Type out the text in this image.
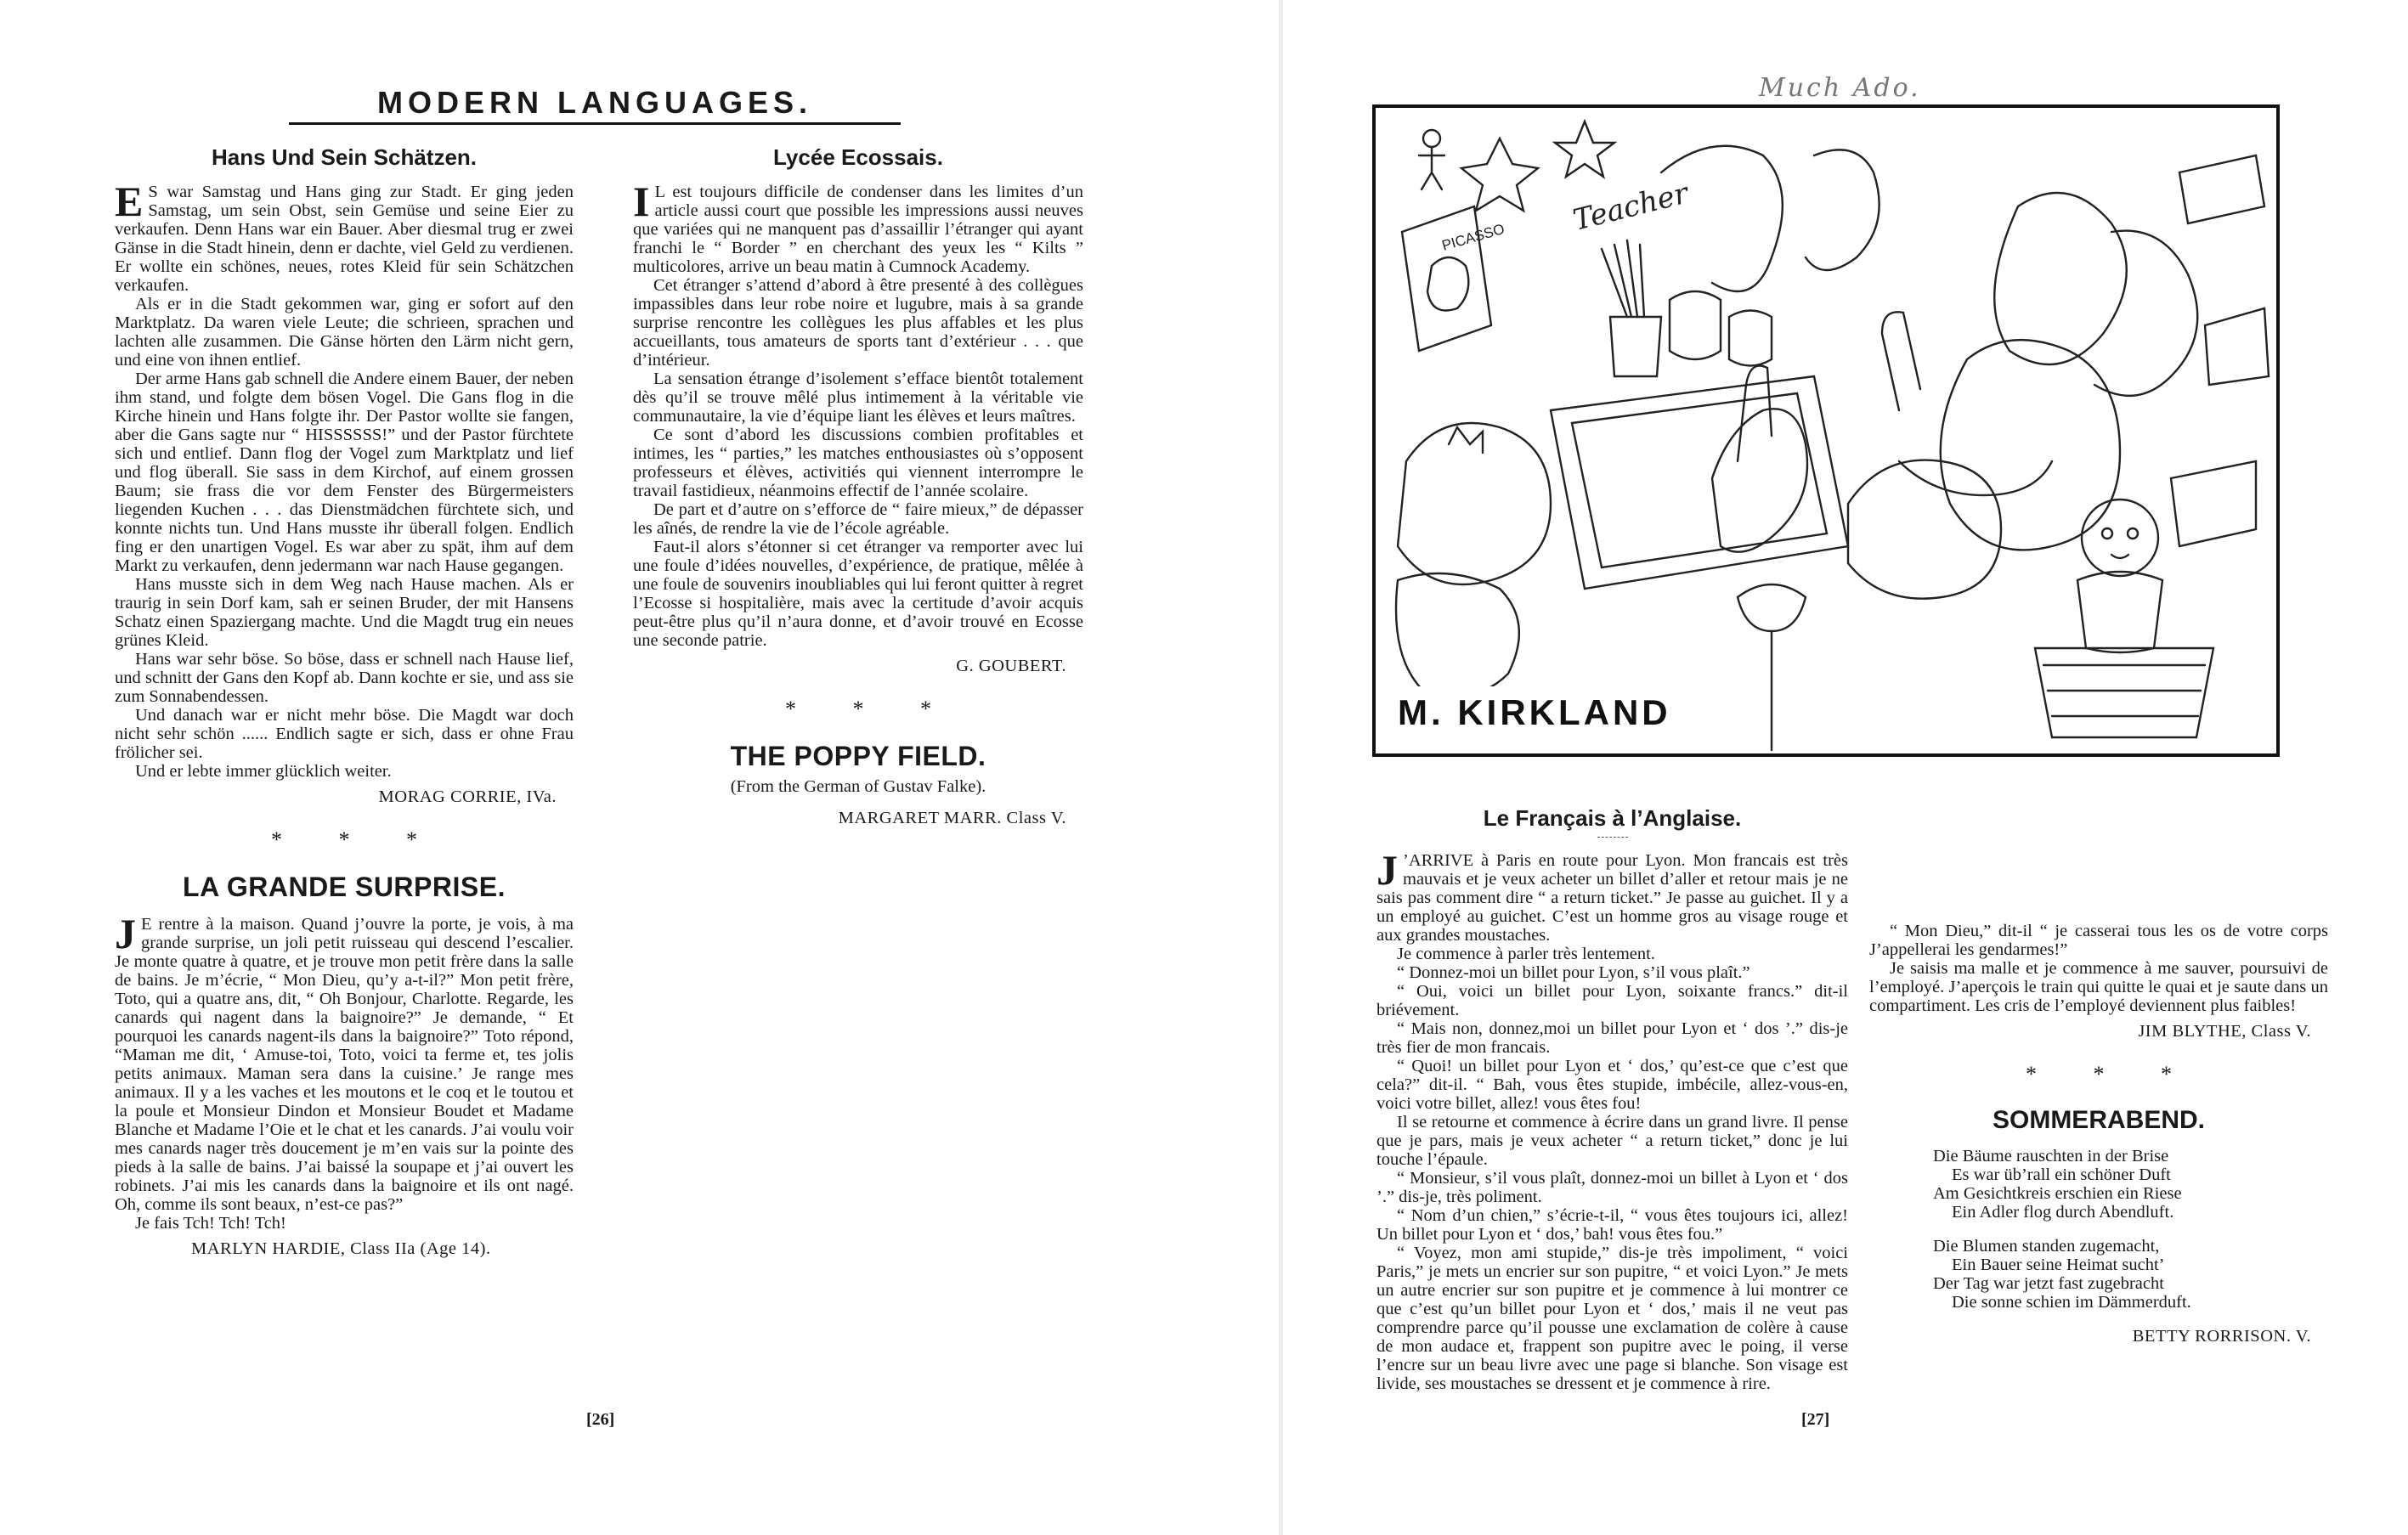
MODERN LANGUAGES.
Hans Und Sein Schätzen.

E S war Samstag und Hans ging zur Stadt. Er ging jeden Samstag, um sein Obst, sein Gemüse und seine Eier zu verkaufen. Denn Hans war ein Bauer. Aber diesmal trug er zwei Gänse in die Stadt hinein, denn er dachte, viel Geld zu verdienen. Er wollte ein schönes, neues, rotes Kleid für sein Schätzchen verkaufen.

Als er in die Stadt gekommen war, ging er sofort auf den Marktplatz. Da waren viele Leute; die schrieen, sprachen und lachten alle zusammen. Die Gänse hörten den Lärm nicht gern, und eine von ihnen entlief.

Der arme Hans gab schnell die Andere einem Bauer, der neben ihm stand, und folgte dem bösen Vogel. Die Gans flog in die Kirche hinein und Hans folgte ihr. Der Pastor wollte sie fangen, aber die Gans sagte nur “ HISSSSSS!” und der Pastor fürchtete sich und entlief. Dann flog der Vogel zum Marktplatz und lief und flog überall. Sie sass in dem Kirchof, auf einem grossen Baum; sie frass die vor dem Fenster des Bürgermeisters liegenden Kuchen . . . das Dienstmädchen fürchtete sich, und konnte nichts tun. Und Hans musste ihr überall folgen. Endlich fing er den unartigen Vogel. Es war aber zu spät, ihm auf dem Markt zu verkaufen, denn jedermann war nach Hause gegangen.

Hans musste sich in dem Weg nach Hause machen. Als er traurig in sein Dorf kam, sah er seinen Bruder, der mit Hansens Schatz einen Spaziergang machte. Und die Magdt trug ein neues grünes Kleid.

Hans war sehr böse. So böse, dass er schnell nach Hause lief, und schnitt der Gans den Kopf ab. Dann kochte er sie, und ass sie zum Sonnabendessen.

Und danach war er nicht mehr böse. Die Magdt war doch nicht sehr schön ...... Endlich sagte er sich, dass er ohne Frau frölicher sei.

Und er lebte immer glücklich weiter.

MORAG CORRIE, IVa.
* * *
LA GRANDE SURPRISE.

J E rentre à la maison. Quand j’ouvre la porte, je vois, à ma grande surprise, un joli petit ruisseau qui descend l’escalier. Je monte quatre à quatre, et je trouve mon petit frère dans la salle de bains. Je m’écrie, “ Mon Dieu, qu’y a-t-il?” Mon petit frère, Toto, qui a quatre ans, dit, “ Oh Bonjour, Charlotte. Regarde, les canards qui nagent dans la baignoire?” Je demande, “ Et pourquoi les canards nagent-ils dans la baignoire?” Toto répond, “Maman me dit, ‘ Amuse-toi, Toto, voici ta ferme et, tes jolis petits animaux. Maman sera dans la cuisine.’ Je range mes animaux. Il y a les vaches et les moutons et le coq et le toutou et la poule et Monsieur Dindon et Monsieur Boudet et Madame Blanche et Madame l’Oie et le chat et les canards. J’ai voulu voir mes canards nager très doucement je m’en vais sur la pointe des pieds à la salle de bains. J’ai baissé la soupape et j’ai ouvert les robinets. J’ai mis les canards dans la baignoire et ils ont nagé. Oh, comme ils sont beaux, n’est-ce pas?”

Je fais Tch! Tch! Tch!

MARLYN HARDIE, Class IIa (Age 14).
Lycée Ecossais.

I L est toujours difficile de condenser dans les limites d’un article aussi court que possible les impressions aussi neuves que variées qui ne manquent pas d’assaillir l’étranger qui ayant franchi le “ Border ” en cherchant des yeux les “ Kilts ” multicolores, arrive un beau matin à Cumnock Academy.

Cet étranger s’attend d’abord à être presenté à des collègues impassibles dans leur robe noire et lugubre, mais à sa grande surprise rencontre les collègues les plus affables et les plus accueillants, tous amateurs de sports tant d’extérieur . . . que d’intérieur.

La sensation étrange d’isolement s’efface bientôt totalement dès qu’il se trouve mêlé plus intimement à la véritable vie communautaire, la vie d’équipe liant les élèves et leurs maîtres.

Ce sont d’abord les discussions combien profitables et intimes, les “ parties,” les matches enthousiastes où s’opposent professeurs et élèves, activitiés qui viennent interrompre le travail fastidieux, néanmoins effectif de l’année scolaire.

De part et d’autre on s’efforce de “ faire mieux,” de dépasser les aînés, de rendre la vie de l’école agréable.

Faut-il alors s’étonner si cet étranger va remporter avec lui une foule d’idées nouvelles, d’expérience, de pratique, mêlée à une foule de souvenirs inoubliables qui lui feront quitter à regret l’Ecosse si hospitalière, mais avec la certitude d’avoir acquis peut-être plus qu’il n’aura donne, et d’avoir trouvé en Ecosse une seconde patrie.

G. GOUBERT.
* * *
THE POPPY FIELD.
(From the German of Gustav Falke).
MARGARET MARR. Class V.
[26]
Much Ado.
PICASSO Teacher
M. KIRKLAND
Le Français à l’Anglaise.

J ’ARRIVE à Paris en route pour Lyon. Mon francais est très mauvais et je veux acheter un billet d’aller et retour mais je ne sais pas comment dire “ a return ticket.” Je passe au guichet. Il y a un employé au guichet. C’est un homme gros au visage rouge et aux grandes moustaches.

Je commence à parler très lentement.

“ Donnez-moi un billet pour Lyon, s’il vous plaît.”

“ Oui, voici un billet pour Lyon, soixante francs.” dit-il briévement.

“ Mais non, donnez,moi un billet pour Lyon et ‘ dos ’.” dis-je très fier de mon francais.

“ Quoi! un billet pour Lyon et ‘ dos,’ qu’est-ce que c’est que cela?” dit-il. “ Bah, vous êtes stupide, imbécile, allez-vous-en, voici votre billet, allez! vous êtes fou!

Il se retourne et commence à écrire dans un grand livre. Il pense que je pars, mais je veux acheter “ a return ticket,” donc je lui touche l’épaule.

“ Monsieur, s’il vous plaît, donnez-moi un billet à Lyon et ‘ dos ’.” dis-je, très poliment.

“ Nom d’un chien,” s’écrie-t-il, “ vous êtes toujours ici, allez! Un billet pour Lyon et ‘ dos,’ bah! vous êtes fou.”

“ Voyez, mon ami stupide,” dis-je très impoliment, “ voici Paris,” je mets un encrier sur son pupitre, “ et voici Lyon.” Je mets un autre encrier sur son pupitre et je commence à lui montrer ce que c’est qu’un billet pour Lyon et ‘ dos,’ mais il ne veut pas comprendre parce qu’il pousse une exclamation de colère à cause de mon audace et, frappent son pupitre avec le poing, il verse l’encre sur un beau livre avec une page si blanche. Son visage est livide, ses moustaches se dressent et je commence à rire.

“ Mon Dieu,” dit-il “ je casserai tous les os de votre corps J’appellerai les gendarmes!”

Je saisis ma malle et je commence à me sauver, poursuivi de l’employé. J’aperçois le train qui quitte le quai et je saute dans un compartiment. Les cris de l’employé deviennent plus faibles!

JIM BLYTHE, Class V.
* * *
SOMMERABEND.
Die Bäume rauschten in der Brise
Es war üb’rall ein schöner Duft
Am Gesichtkreis erschien ein Riese
Ein Adler flog durch Abendluft.
Die Blumen standen zugemacht,
Ein Bauer seine Heimat sucht’
Der Tag war jetzt fast zugebracht
Die sonne schien im Dämmerduft.
BETTY RORRISON. V.
[27]
